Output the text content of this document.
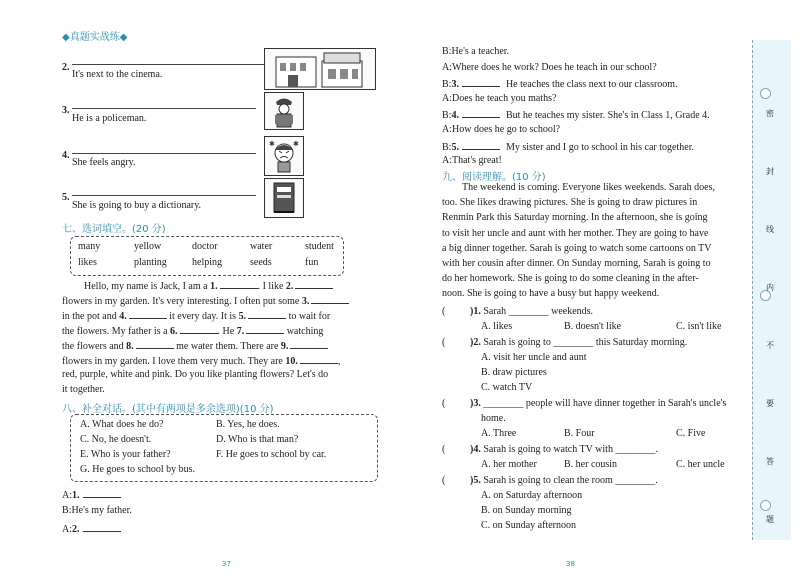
◆真题实战练◆
2.
It's next to the cinema.
3.
He is a policeman.
4.
She feels angry.
✱	✱
5.
She is going to buy a dictionary.
七、选词填空。(20 分)
many	yellow	doctor	water	student
likes	planting	helping	seeds	fun
Hello, my name is Jack, I am a 1.	. I like 2.
flowers in my garden. It's very interesting. I often put some 3.
in the pot and 4.	it every day. It is 5.	to wait for
the flowers. My father is a 6.	. He 7.	watching
the flowers and 8.	me water them. There are 9.
flowers in my garden. I love them very much. They are 10.	,
red, purple, white and pink. Do you like planting flowers? Let's do
it together.
八、补全对话。(其中有两项是多余选项)(10 分)
A. What does he do?	B. Yes, he does.
C. No, he doesn't.	D. Who is that man?
E. Who is your father?	F. He goes to school by car.
G. He goes to school by bus.
A:1.
B:He's my father.
A:2.
B:He's a teacher.
A:Where does he work? Does he teach in our school?
B:3.	He teaches the class next to our classroom.
A:Does he teach you maths?
B:4.	But he teaches my sister. She's in Class 1, Grade 4.
A:How does he go to school?
B:5.	My sister and I go to school in his car together.
A:That's great!
九、阅读理解。(10 分)
The weekend is coming. Everyone likes weekends. Sarah does,
too. She likes drawing pictures. She is going to draw pictures in
Renmin Park this Saturday morning. In the afternoon, she is going
to visit her uncle and aunt with her mother. They are going to have
a big dinner together. Sarah is going to watch some cartoons on TV
with her cousin after dinner. On Sunday morning, Sarah is going to
do her homework. She is going to do some cleaning in the after-
noon. She is going to have a busy but happy weekend.
( )1. Sarah ________ weekends.
A. likes	B. doesn't like	C. isn't like
( )2. Sarah is going to ________ this Saturday morning.
A. visit her uncle and aunt
B. draw pictures
C. watch TV
( )3. ________ people will have dinner together in Sarah's uncle's
home.
A. Three	B. Four	C. Five
( )4. Sarah is going to watch TV with ________.
A. her mother	B. her cousin	C. her uncle
( )5. Sarah is going to clean the room ________.
A. on Saturday afternoon
B. on Sunday morning
C. on Sunday afternoon
密
封
线
内
不
要
答
题
37	38
